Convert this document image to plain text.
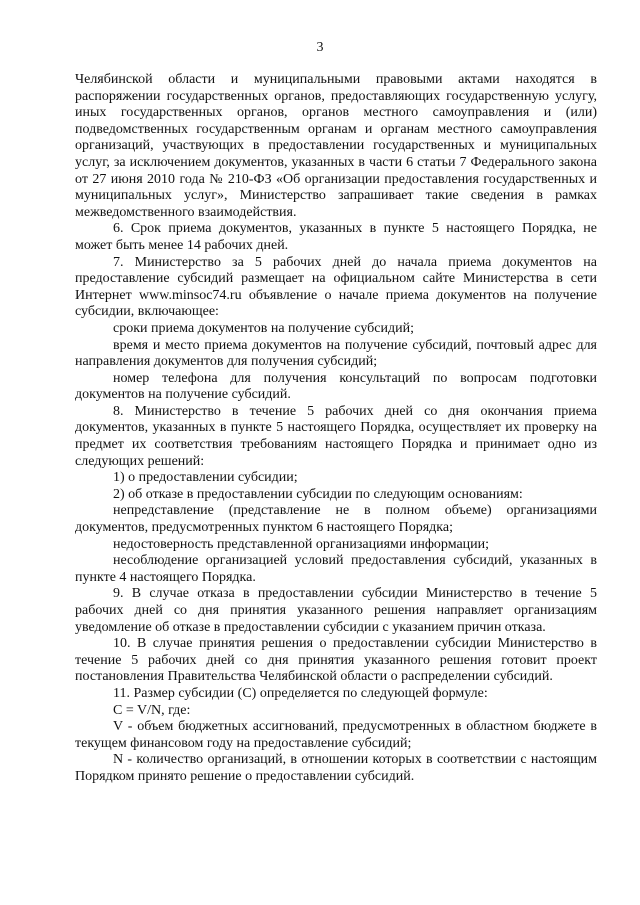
3

Челябинской области и муниципальными правовыми актами находятся в распоряжении государственных органов, предоставляющих государственную услугу, иных государственных органов, органов местного самоуправления и (или) подведомственных государственным органам и органам местного самоуправления организаций, участвующих в предоставлении государственных и муниципальных услуг, за исключением документов, указанных в части 6 статьи 7 Федерального закона от 27 июня 2010 года № 210-ФЗ «Об организации предоставления государственных и муниципальных услуг», Министерство запрашивает такие сведения в рамках межведомственного взаимодействия.

6. Срок приема документов, указанных в пункте 5 настоящего Порядка, не может быть менее 14 рабочих дней.

7. Министерство за 5 рабочих дней до начала приема документов на предоставление субсидий размещает на официальном сайте Министерства в сети Интернет www.minsoc74.ru объявление о начале приема документов на получение субсидии, включающее:

сроки приема документов на получение субсидий;

время и место приема документов на получение субсидий, почтовый адрес для направления документов для получения субсидий;

номер телефона для получения консультаций по вопросам подготовки документов на получение субсидий.

8. Министерство в течение 5 рабочих дней со дня окончания приема документов, указанных в пункте 5 настоящего Порядка, осуществляет их проверку на предмет их соответствия требованиям настоящего Порядка и принимает одно из следующих решений:

1) о предоставлении субсидии;

2) об отказе в предоставлении субсидии по следующим основаниям:

непредставление (представление не в полном объеме) организациями документов, предусмотренных пунктом 6 настоящего Порядка;

недостоверность представленной организациями информации;

несоблюдение организацией условий предоставления субсидий, указанных в пункте 4 настоящего Порядка.

9. В случае отказа в предоставлении субсидии Министерство в течение 5 рабочих дней со дня принятия указанного решения направляет организациям уведомление об отказе в предоставлении субсидии с указанием причин отказа.

10. В случае принятия решения о предоставлении субсидии Министерство в течение 5 рабочих дней со дня принятия указанного решения готовит проект постановления Правительства Челябинской области о распределении субсидий.

11. Размер субсидии (С) определяется по следующей формуле:

C = V/N, где:

V - объем бюджетных ассигнований, предусмотренных в областном бюджете в текущем финансовом году на предоставление субсидий;

N - количество организаций, в отношении которых в соответствии с настоящим Порядком принято решение о предоставлении субсидий.
